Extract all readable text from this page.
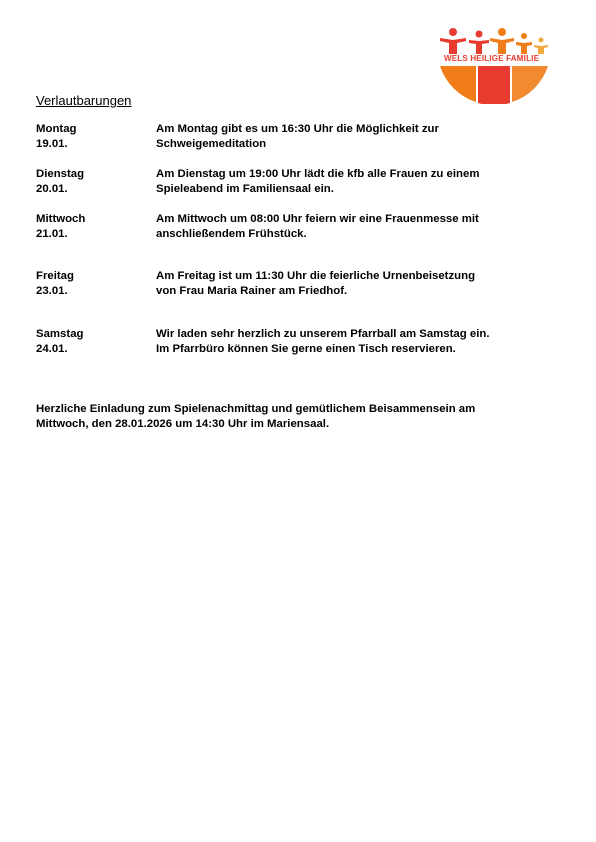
WELS HEILIGE FAMILIE
Verlautbarungen
Montag
19.01.
Am Montag gibt es um 16:30 Uhr die Möglichkeit zur
Schweigemeditation
Dienstag
20.01.
Am Dienstag um 19:00 Uhr lädt die kfb alle Frauen zu einem
Spieleabend im Familiensaal ein.
Mittwoch
21.01.
Am Mittwoch um 08:00 Uhr feiern wir eine Frauenmesse mit
anschließendem Frühstück.
Freitag
23.01.
Am Freitag ist um 11:30 Uhr die feierliche Urnenbeisetzung
von Frau Maria Rainer am Friedhof.
Samstag
24.01.
Wir laden sehr herzlich zu unserem Pfarrball am Samstag ein.
Im Pfarrbüro können Sie gerne einen Tisch reservieren.
Herzliche Einladung zum Spielenachmittag und gemütlichem Beisammensein am
Mittwoch, den 28.01.2026 um 14:30 Uhr im Mariensaal.
